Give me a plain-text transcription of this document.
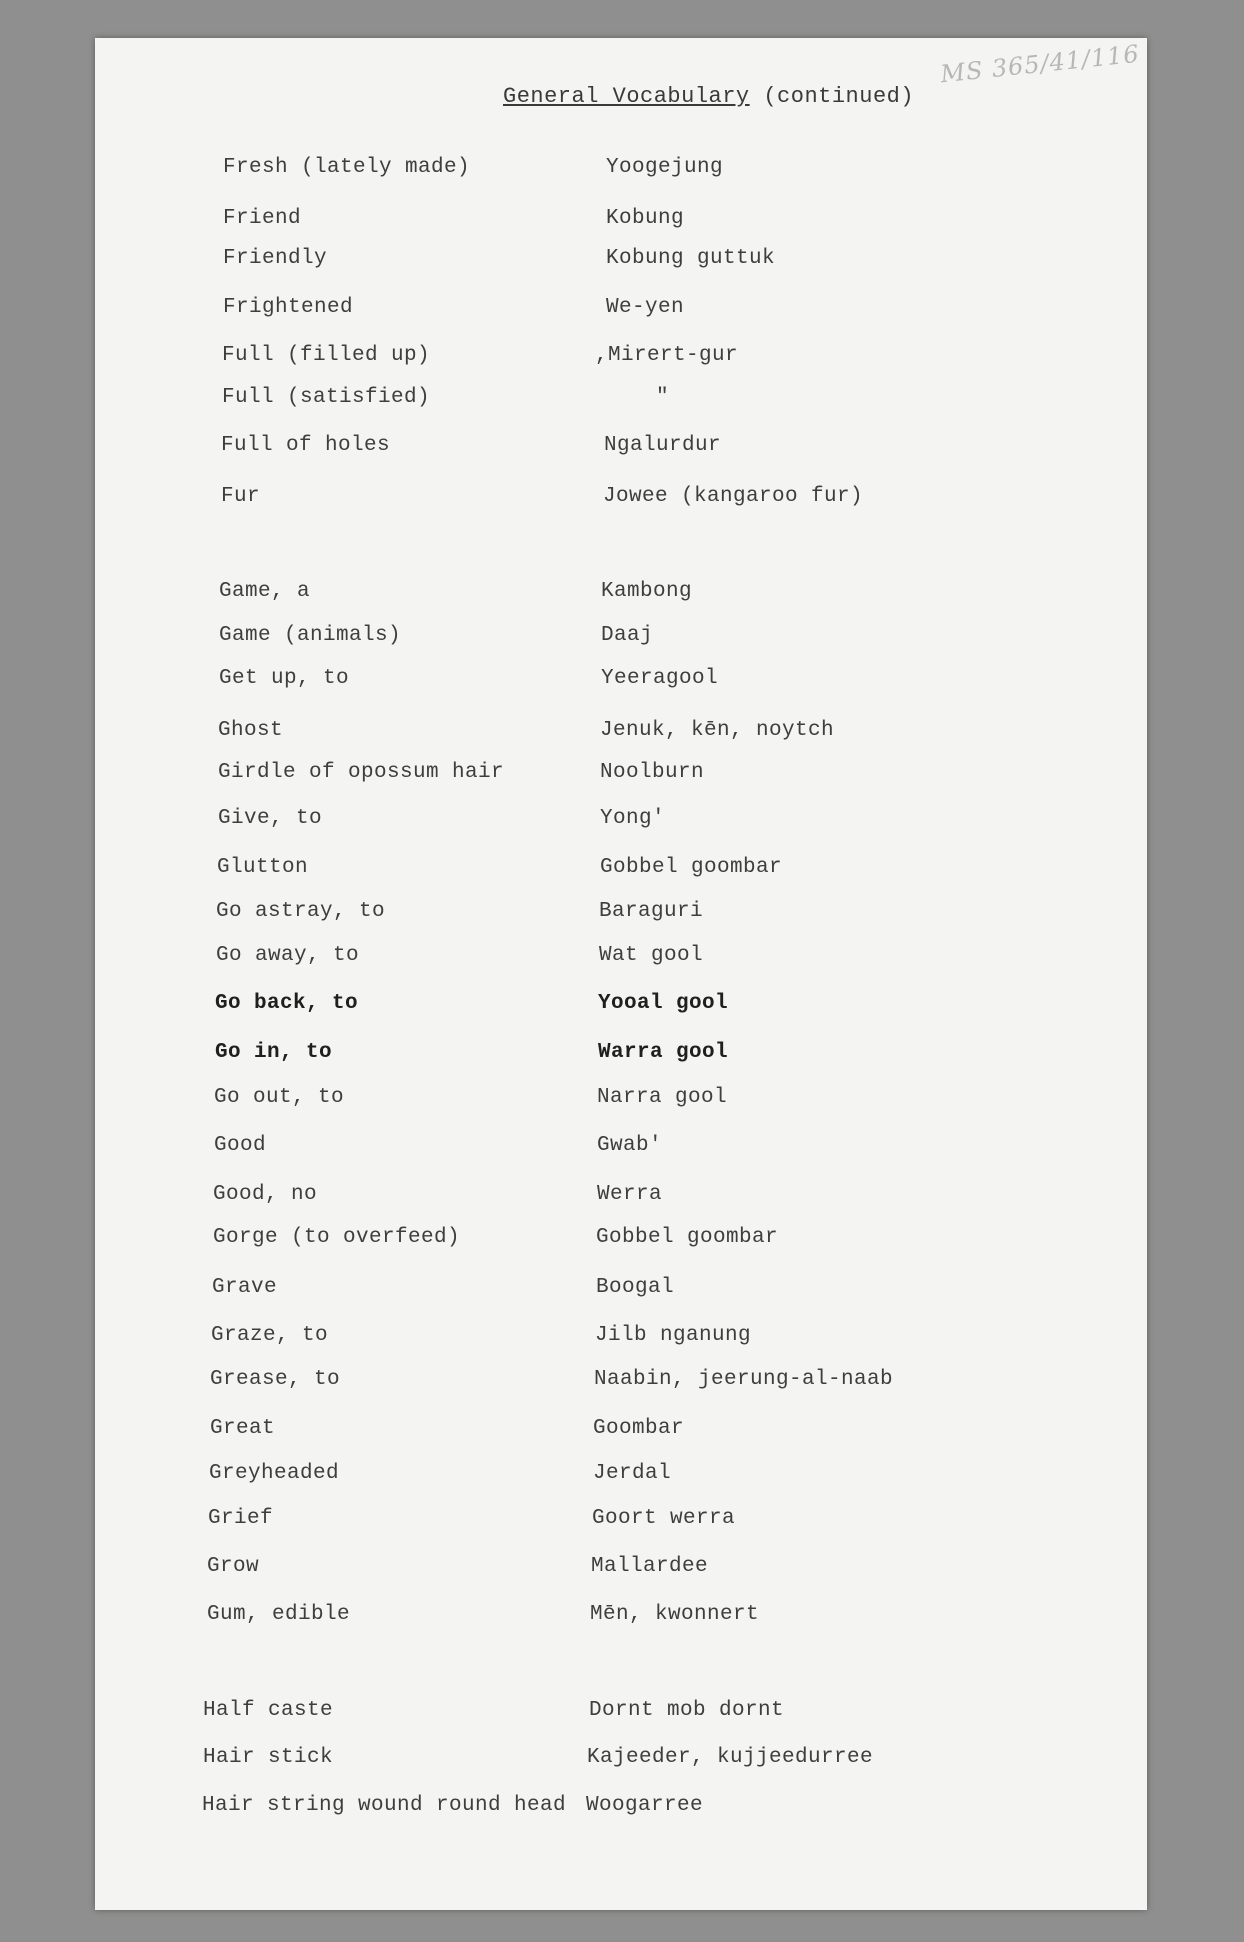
MS 365/41/116
General Vocabulary (continued)
Fresh (lately made)	Yoogejung
Friend	Kobung
Friendly	Kobung guttuk
Frightened	We-yen
Full (filled up)	,Mirert-gur
Full (satisfied)	"
Full of holes	Ngalurdur
Fur	Jowee (kangaroo fur)
Game, a	Kambong
Game (animals)	Daaj
Get up, to	Yeeragool
Ghost	Jenuk, kēn, noytch
Girdle of opossum hair	Noolburn
Give, to	Yong'
Glutton	Gobbel goombar
Go astray, to	Baraguri
Go away, to	Wat gool
Go back, to	Yooal gool
Go in, to	Warra gool
Go out, to	Narra gool
Good	Gwab'
Good, no	Werra
Gorge (to overfeed)	Gobbel goombar
Grave	Boogal
Graze, to	Jilb nganung
Grease, to	Naabin, jeerung-al-naab
Great	Goombar
Greyheaded	Jerdal
Grief	Goort werra
Grow	Mallardee
Gum, edible	Mēn, kwonnert
Half caste	Dornt mob dornt
Hair stick	Kajeeder, kujjeedurree
Hair string wound round head Woogarree
